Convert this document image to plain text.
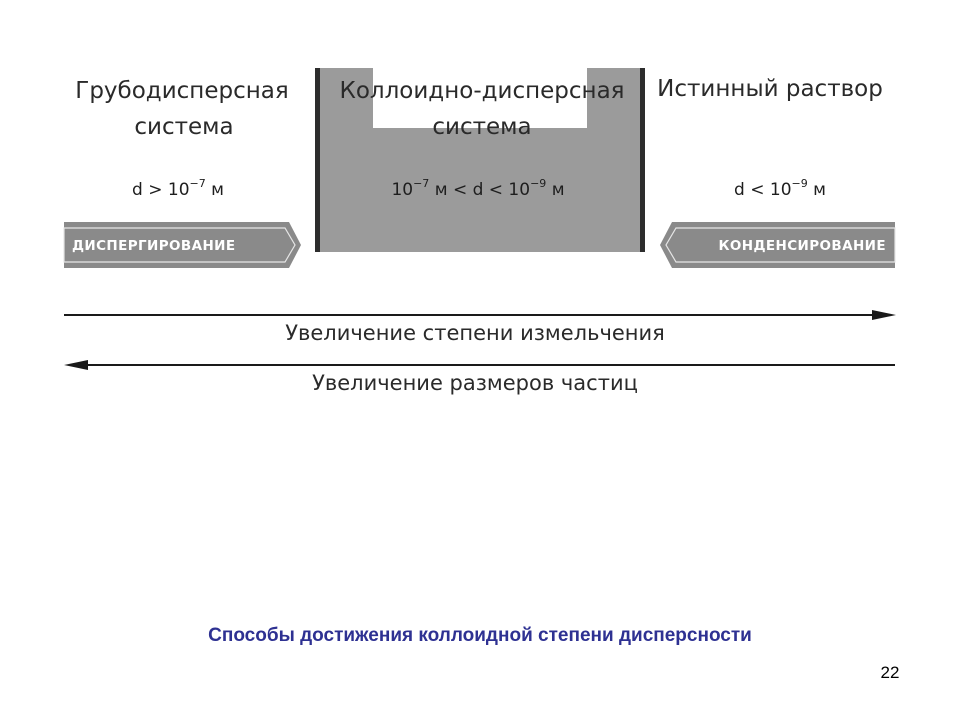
ДИСПЕРГИРОВАНИЕ	КОНДЕНСИРОВАНИЕ
Грубодисперсная
система
Коллоидно-дисперсная
система
Истинный раствор
$d > 10^{-7}$ м	$10^{-7}$ $м < d < 10^{-9}$ м	$d < 10^{-9}$ м
Увеличение степени измельчения
Увеличение размеров частиц
Способы достижения коллоидной степени дисперсности
22
